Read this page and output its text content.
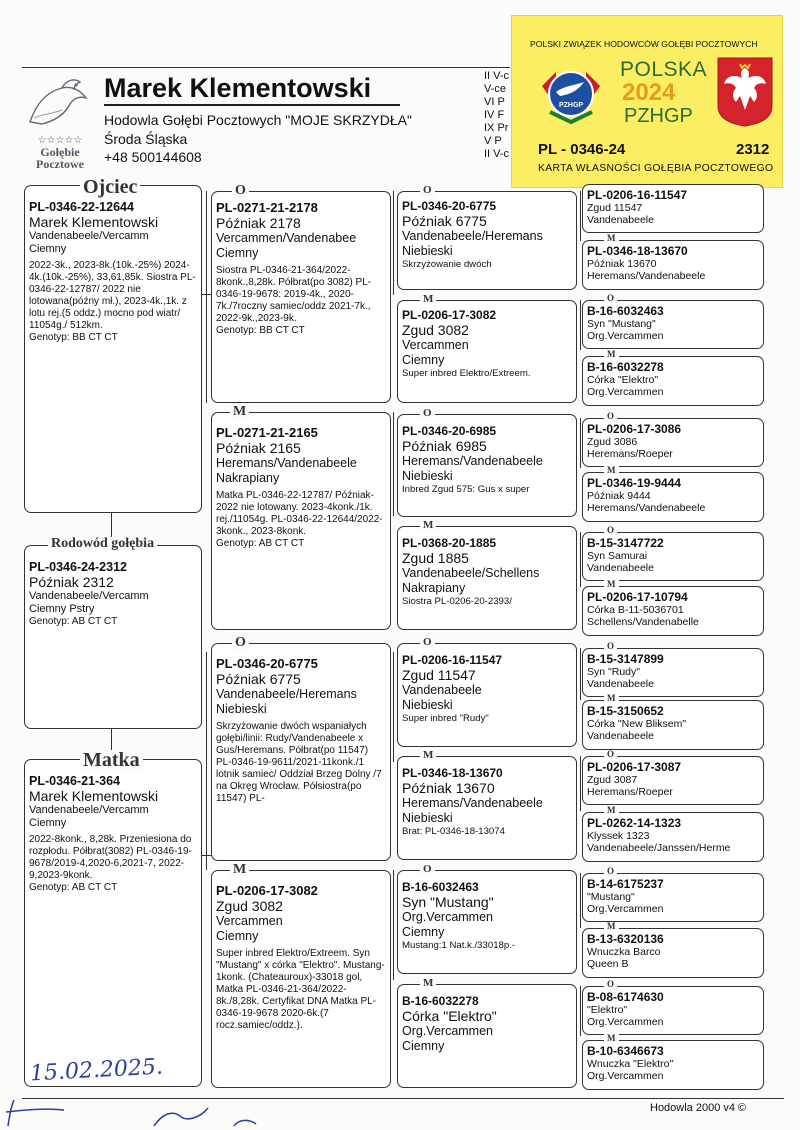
☆☆☆☆☆
Gołębie
Pocztowe
Marek Klementowski
Hodowla Gołębi Pocztowych "MOJE SKRZYDŁA"
Środa Śląska
+48 500144608
II V-c
V-ce
VI P
IV F
IX Pr
V P
II V-c
POLSKI ZWIĄZEK HODOWCÓW GOŁĘBI POCZTOWYCH
PZHGP
POLSKA
2024
PZHGP
PL - 0346-24	2312
KARTA WŁASNOŚCI GOŁĘBIA POCZTOWEGO
PL-0346-22-12644
Marek Klementowski
Vandenabeele/Vercamm
Ciemny
2022-3k., 2023-8k.(10k.-25%) 2024-4k.(10k.-25%), 33,61,85k. Siostra PL-0346-22-12787/ 2022 nie lotowana(późny mł.), 2023-4k.,1k. z lotu rej.(5 oddz.) mocno pod wiatr/ 11054g./ 512km.
Genotyp: BB CT CT
Ojciec
PL-0346-24-2312
Późniak 2312
Vandenabeele/Vercamm
Ciemny Pstry
Genotyp: AB CT CT
Rodowód gołębia
PL-0346-21-364
Marek Klementowski
Vandenabeele/Vercamm
Ciemny
2022-8konk., 8,28k. Przeniesiona do rozpłodu. Półbrat(3082) PL-0346-19-9678/2019-4,2020-6,2021-7, 2022-9,2023-9konk.
Genotyp: AB CT CT
Matka
PL-0271-21-2178
Późniak 2178
Vercammen/Vandenabee
Ciemny
Siostra PL-0346-21-364/2022-8konk.,8,28k. Półbrat(po 3082) PL-0346-19-9678: 2019-4k., 2020-7k./7roczny samiec/oddz 2021-7k., 2022-9k.,2023-9k.
Genotyp: BB CT CT
O
PL-0271-21-2165
Późniak 2165
Heremans/Vandenabeele
Nakrapiany
Matka PL-0346-22-12787/ Późniak-2022 nie lotowany. 2023-4konk./1k. rej./11054g. PL-0346-22-12644/2022-3konk., 2023-8konk.
Genotyp: AB CT CT
M
PL-0346-20-6775
Późniak 6775
Vandenabeele/Heremans
Niebieski
Skrzyżowanie dwóch wspaniałych gołębi/linii: Rudy/Vandenabeele x Gus/Heremans. Półbrat(po 11547) PL-0346-19-9611/2021-11konk./1 lotnik samiec/ Oddział Brzeg Dolny /7 na Okręg Wrocław. Półsiostra(po 11547) PL-
O
PL-0206-17-3082
Zgud 3082
Vercammen
Ciemny
Super inbred Elektro/Extreem. Syn "Mustang" x córka "Elektro". Mustang-1konk. (Chateauroux)-33018 gol, Matka PL-0346-21-364/2022-8k./8,28k. Certyfikat DNA Matka PL-0346-19-9678 2020-6k.(7 rocz.samiec/oddz.).
M
PL-0346-20-6775
Późniak 6775
Vandenabeele/Heremans
Niebieski
Skrzyżowanie dwóch
O
PL-0206-17-3082
Zgud 3082
Vercammen
Ciemny
Super inbred Elektro/Extreem.
M
PL-0346-20-6985
Późniak 6985
Heremans/Vandenabeele
Niebieski
Inbred Zgud 575: Gus x super
O
PL-0368-20-1885
Zgud 1885
Vandenabeele/Schellens
Nakrapiany
Siostra PL-0206-20-2393/
M
PL-0206-16-11547
Zgud 11547
Vandenabeele
Niebieski
Super inbred "Rudy"
O
PL-0346-18-13670
Późniak 13670
Heremans/Vandenabeele
Niebieski
Brat: PL-0346-18-13074
M
B-16-6032463
Syn "Mustang"
Org.Vercammen
Ciemny
Mustang:1 Nat.k./33018p.-
O
B-16-6032278
Córka "Elektro"
Org.Vercammen
Ciemny
M
PL-0206-16-11547
Zgud 11547
Vandenabeele
PL-0346-18-13670
Późniak 13670
Heremans/Vandenabeele
M
B-16-6032463
Syn "Mustang"
Org.Vercammen
O
B-16-6032278
Córka "Elektro"
Org.Vercammen
M
PL-0206-17-3086
Zgud 3086
Heremans/Roeper
O
PL-0346-19-9444
Późniak 9444
Heremans/Vandenabeele
M
B-15-3147722
Syn Samurai
Vandenabeele
O
PL-0206-17-10794
Córka B-11-5036701
Schellens/Vandenabelle
M
B-15-3147899
Syn "Rudy"
Vandenabeele
O
B-15-3150652
Córka "New Bliksem"
Vandenabeele
M
PL-0206-17-3087
Zgud 3087
Heremans/Roeper
O
PL-0262-14-1323
Klyssek 1323
Vandenabeele/Janssen/Herme
M
B-14-6175237
"Mustang"
Org.Vercammen
O
B-13-6320136
Wnuczka Barco
Queen B
M
B-08-6174630
"Elektro"
Org.Vercammen
O
B-10-6346673
Wnuczka "Elektro"
Org.Vercammen
M
15.02.2025.
Hodowla 2000 v4 ©
